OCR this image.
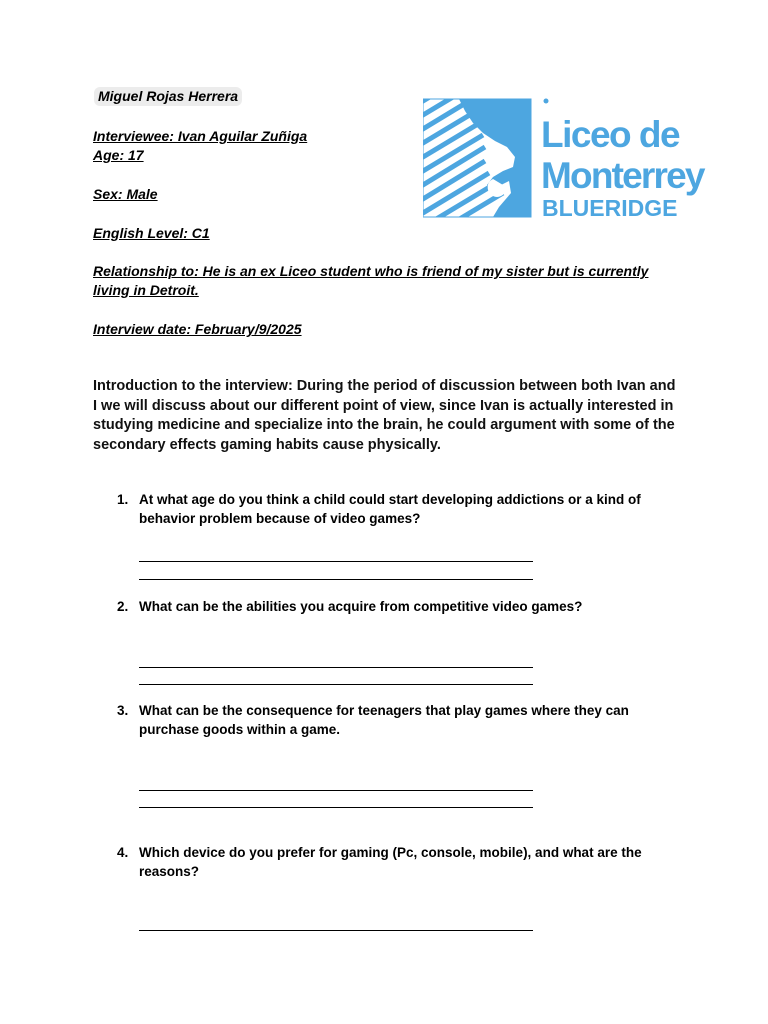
Miguel Rojas Herrera
Interviewee: Ivan Aguilar Zuñiga
Age: 17
Sex: Male
English Level: C1
Relationship to: He is an ex Liceo student who is friend of my sister but is currently living in Detroit.
Interview date: February/9/2025
Liceo de
Monterrey
BLUERIDGE
Introduction to the interview: During the period of discussion between both Ivan and I we will discuss about our different point of view, since Ivan is actually interested in studying medicine and specialize into the brain, he could argument with some of the secondary effects gaming habits cause physically.
1. At what age do you think a child could start developing addictions or a kind of behavior problem because of video games?
2. What can be the abilities you acquire from competitive video games?
3. What can be the consequence for teenagers that play games where they can purchase goods within a game.
4. Which device do you prefer for gaming (Pc, console, mobile), and what are the reasons?
